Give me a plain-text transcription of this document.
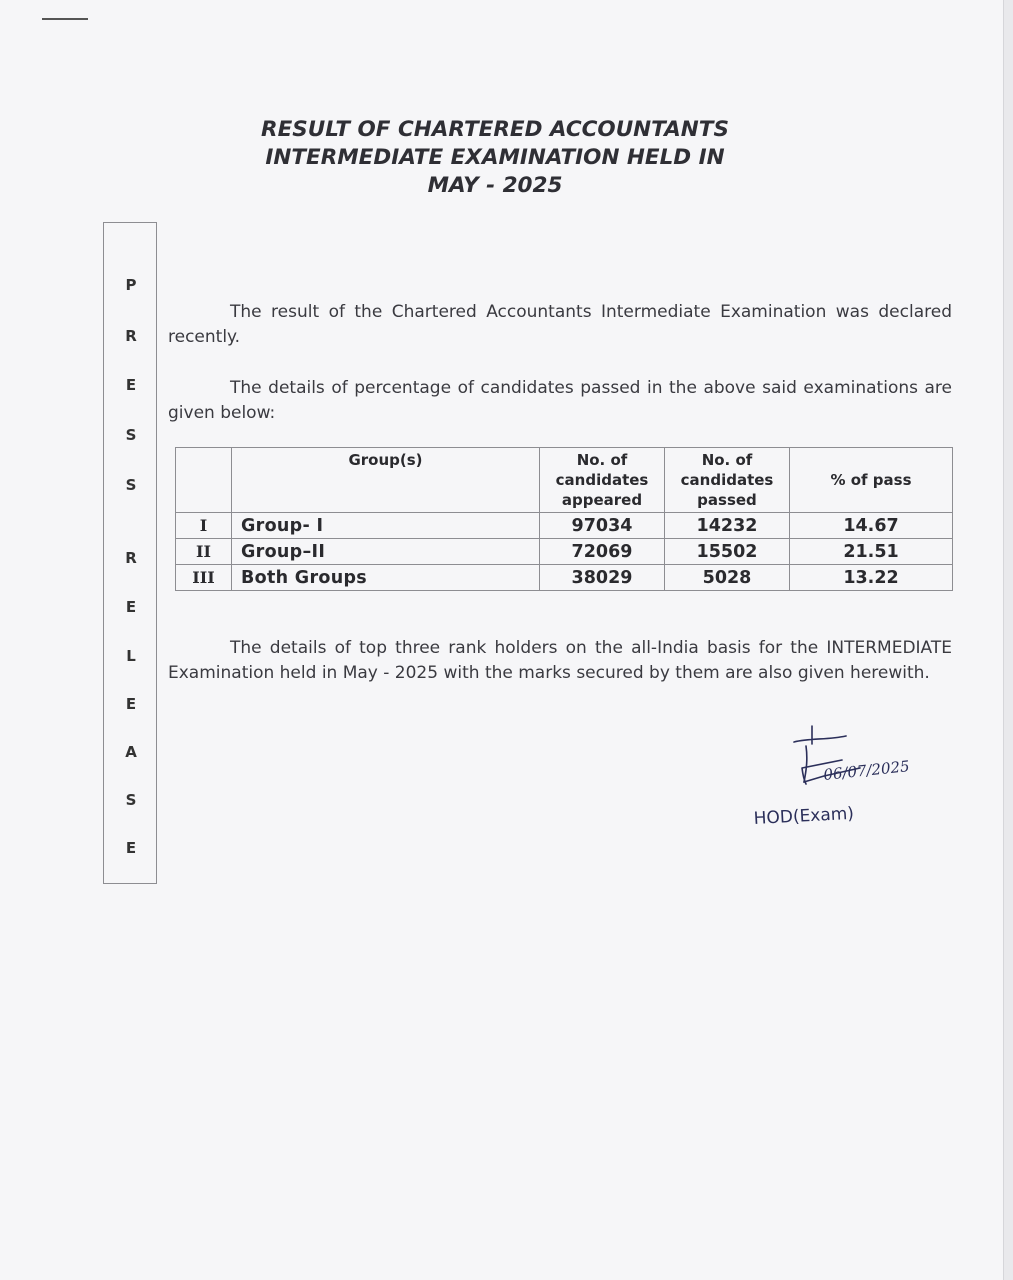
RESULT OF CHARTERED ACCOUNTANTS
INTERMEDIATE EXAMINATION HELD IN
MAY - 2025
P
R
E
S
S
R
E
L
E
A
S
E
The result of the Chartered Accountants Intermediate Examination was declared recently.
The details of percentage of candidates passed in the above said examinations are given below:
	Group(s)	No. of candidates appeared	No. of candidates passed	% of pass
I	Group- I	97034	14232	14.67
II	Group–II	72069	15502	21.51
III	Both Groups	38029	5028	13.22
The details of top three rank holders on the all-India basis for the INTERMEDIATE Examination held in May - 2025 with the marks secured by them are also given herewith.
06/07/2025
HOD(Exam)
